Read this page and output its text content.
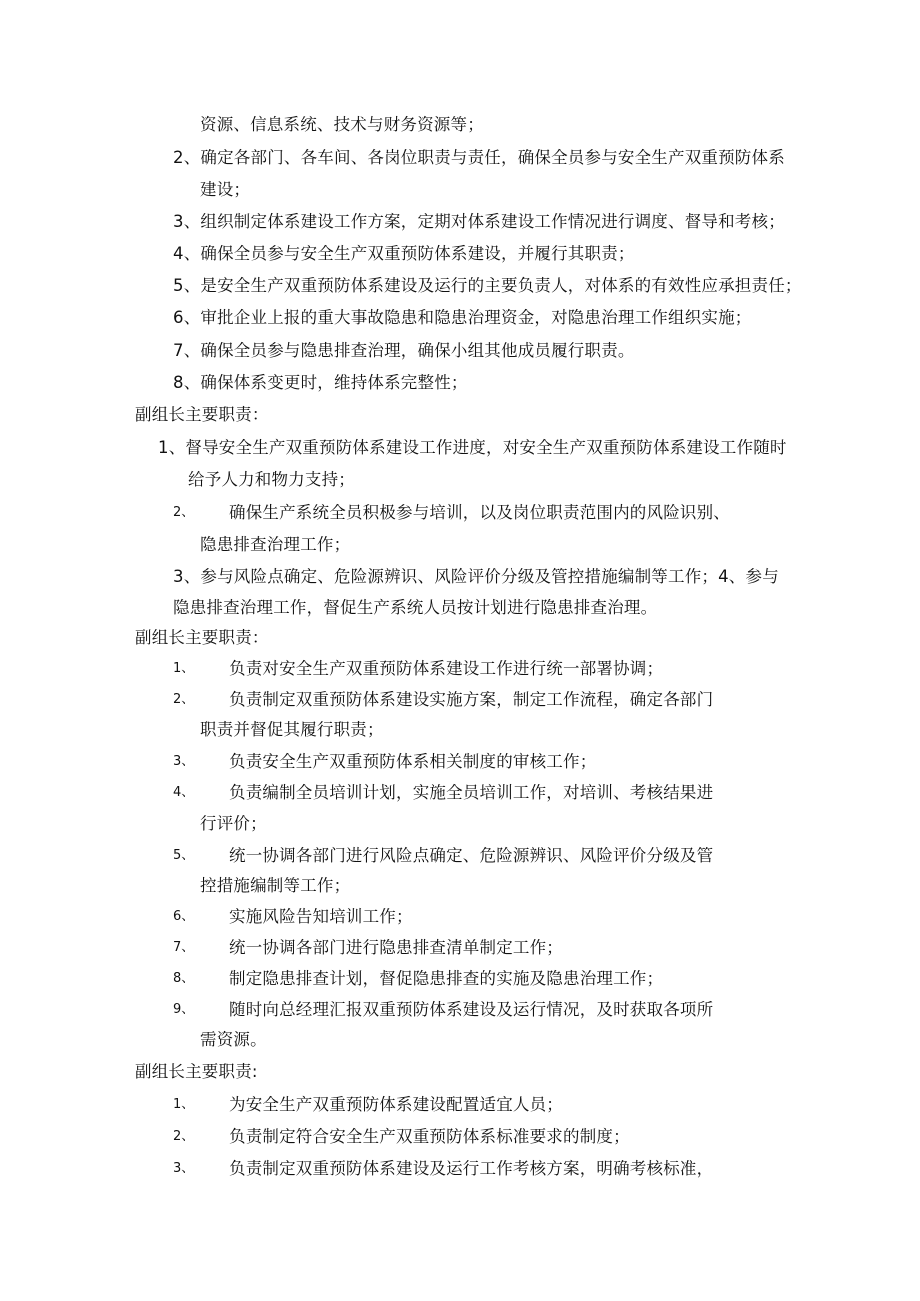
资源、信息系统、技术与财务资源等；
2、确定各部门、各车间、各岗位职责与责任，确保全员参与安全生产双重预防体系
建设；
3、组织制定体系建设工作方案，定期对体系建设工作情况进行调度、督导和考核；
4、确保全员参与安全生产双重预防体系建设，并履行其职责；
5、是安全生产双重预防体系建设及运行的主要负责人，对体系的有效性应承担责任；
6、审批企业上报的重大事故隐患和隐患治理资金，对隐患治理工作组织实施；
7、确保全员参与隐患排查治理，确保小组其他成员履行职责。
8、确保体系变更时，维持体系完整性；
副组长主要职责：
1、督导安全生产双重预防体系建设工作进度，对安全生产双重预防体系建设工作随时
给予人力和物力支持；
2、 确保生产系统全员积极参与培训，以及岗位职责范围内的风险识别、
隐患排查治理工作；
3、参与风险点确定、危险源辨识、风险评价分级及管控措施编制等工作；4、参与
隐患排查治理工作，督促生产系统人员按计划进行隐患排查治理。
副组长主要职责：
1、 负责对安全生产双重预防体系建设工作进行统一部署协调；
2、 负责制定双重预防体系建设实施方案，制定工作流程，确定各部门
职责并督促其履行职责；
3、 负责安全生产双重预防体系相关制度的审核工作；
4、 负责编制全员培训计划，实施全员培训工作，对培训、考核结果进
行评价；
5、 统一协调各部门进行风险点确定、危险源辨识、风险评价分级及管
控措施编制等工作；
6、 实施风险告知培训工作；
7、 统一协调各部门进行隐患排查清单制定工作；
8、 制定隐患排查计划，督促隐患排查的实施及隐患治理工作；
9、 随时向总经理汇报双重预防体系建设及运行情况，及时获取各项所
需资源。
副组长主要职责:
1、 为安全生产双重预防体系建设配置适宜人员；
2、 负责制定符合安全生产双重预防体系标准要求的制度；
3、 负责制定双重预防体系建设及运行工作考核方案，明确考核标准，
